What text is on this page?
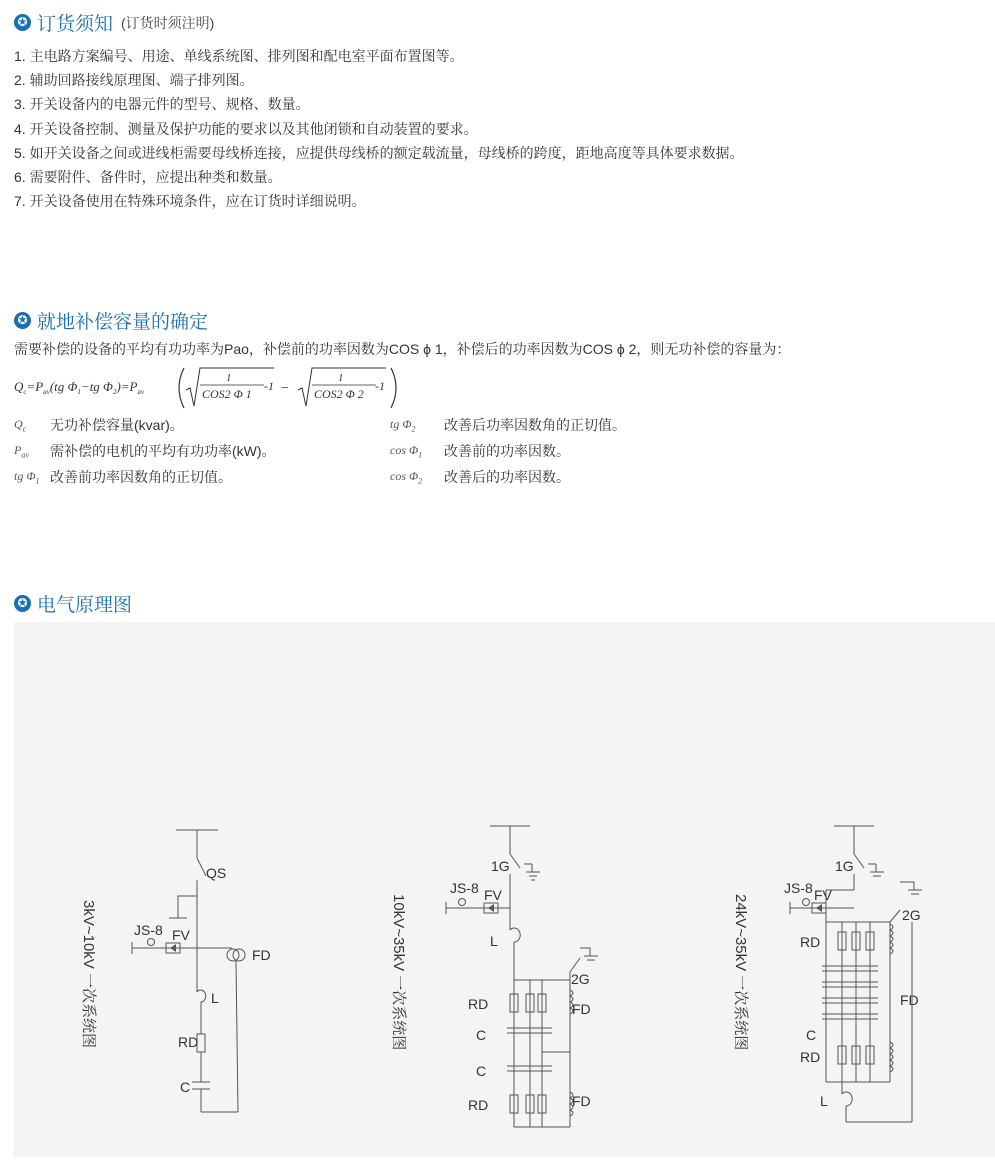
✪ 订货须知 (订货时须注明)
1. 主电路方案编号、用途、单线系统图、排列图和配电室平面布置图等。
2. 辅助回路接线原理图、端子排列图。
3. 开关设备内的电器元件的型号、规格、数量。
4. 开关设备控制、测量及保护功能的要求以及其他闭锁和自动装置的要求。
5. 如开关设备之间或进线柜需要母线桥连接，应提供母线桥的额定载流量，母线桥的跨度，距地高度等具体要求数据。
6. 需要附件、备件时，应提出种类和数量。
7. 开关设备使用在特殊环境条件，应在订货时详细说明。
✪ 就地补偿容量的确定
需要补偿的设备的平均有功功率为Pao，补偿前的功率因数为COS ϕ 1，补偿后的功率因数为COS ϕ 2，则无功补偿的容量为：
$Q_c=P_{av}(tg$ $\Phi_1-tg$ $\Phi_2)=P_{av}$
1
COS2 Φ 1
-1 −
1
COS2 Φ 2
-1
$Q_c$	无功补偿容量(kvar)。
$P_{av}$	需补偿的电机的平均有功功率(kW)。
tg $\Phi_1$ 改善前功率因数角的正切值。
tg $\Phi_2$	改善后功率因数角的正切值。
$\cos \Phi_1$	改善前的功率因数。
$\cos \Phi_2$	改善后的功率因数。
✪ 电气原理图
3kV~10kV 一次系统图
QS
JS-8 FV
FD
L
RD
C
10kV~35kV 一次系统图
1G
JS-8 FV
L
2G
RD	FD
C
C
RD	FD
24kV~35kV 一次系统图
1G
JS-8 FV
2G
RD
FD
C
RD
L
